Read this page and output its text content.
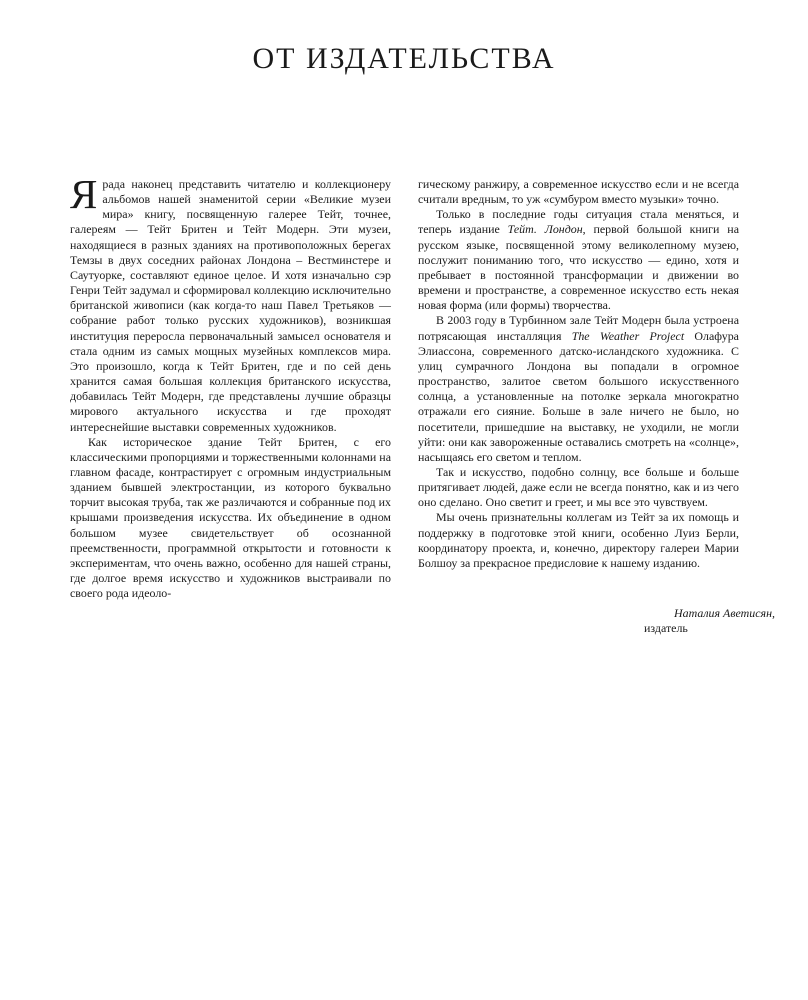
ОТ ИЗДАТЕЛЬСТВА

Я рада наконец представить читателю и коллекционеру альбомов нашей знаменитой серии «Великие музеи мира» книгу, посвященную галерее Тейт, точнее, галереям — Тейт Бритен и Тейт Модерн. Эти музеи, находящиеся в разных зданиях на противоположных берегах Темзы в двух соседних районах Лондона – Вестминстере и Саутуорке, составляют единое целое. И хотя изначально сэр Генри Тейт задумал и сформировал коллекцию исключительно британской живописи (как когда-то наш Павел Третьяков — собрание работ только русских художников), возникшая институция переросла первоначальный замысел основателя и стала одним из самых мощных музейных комплексов мира. Это произошло, когда к Тейт Бритен, где и по сей день хранится самая большая коллекция британского искусства, добавилась Тейт Модерн, где представлены лучшие образцы мирового актуального искусства и где проходят интереснейшие выставки современных художников.

Как историческое здание Тейт Бритен, с его классическими пропорциями и торжественными колоннами на главном фасаде, контрастирует с огромным индустриальным зданием бывшей электростанции, из которого буквально торчит высокая труба, так же различаются и собранные под их крышами произведения искусства. Их объединение в одном большом музее свидетельствует об осознанной преемственности, программной открытости и готовности к экспериментам, что очень важно, особенно для нашей страны, где долгое время искусство и художников выстраивали по своего рода идеоло-

гическому ранжиру, а современное искусство если и не всегда считали вредным, то уж «сумбуром вместо музыки» точно.

Только в последние годы ситуация стала меняться, и теперь издание Тейт. Лондон, первой большой книги на русском языке, посвященной этому великолепному музею, послужит пониманию того, что искусство — едино, хотя и пребывает в постоянной трансформации и движении во времени и пространстве, а современное искусство есть некая новая форма (или формы) творчества.

В 2003 году в Турбинном зале Тейт Модерн была устроена потрясающая инсталляция The Weather Project Олафура Элиассона, современного датско-исландского художника. С улиц сумрачного Лондона вы попадали в огромное пространство, залитое светом большого искусственного солнца, а установленные на потолке зеркала многократно отражали его сияние. Больше в зале ничего не было, но посетители, пришедшие на выставку, не уходили, не могли уйти: они как завороженные оставались смотреть на «солнце», насыщаясь его светом и теплом.

Так и искусство, подобно солнцу, все больше и больше притягивает людей, даже если не всегда понятно, как и из чего оно сделано. Оно светит и греет, и мы все это чувствуем.

Мы очень признательны коллегам из Тейт за их помощь и поддержку в подготовке этой книги, особенно Луиз Берли, координатору проекта, и, конечно, директору галереи Марии Болшоу за прекрасное предисловие к нашему изданию.

Наталия Аветисян,
издатель
